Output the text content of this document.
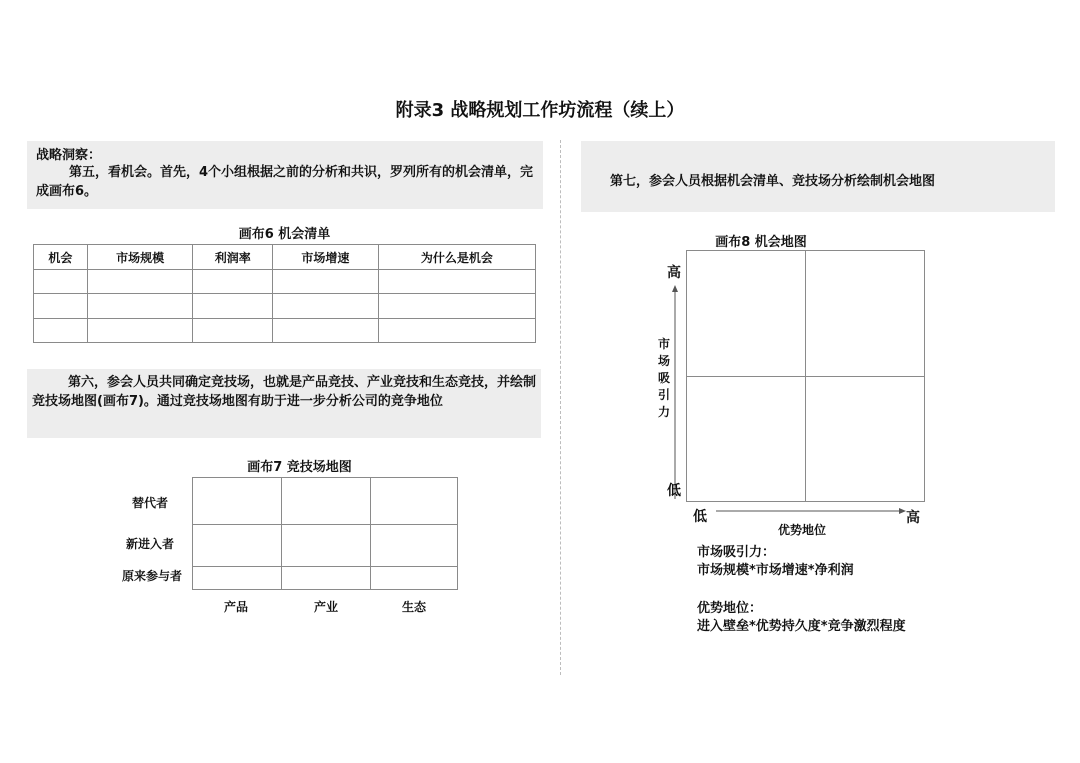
附录3 战略规划工作坊流程（续上）
战略洞察：
第五，看机会。首先，4个小组根据之前的分析和共识，罗列所有的机会清单，完成画布6。
画布6 机会清单
机会	市场规模	利润率	市场增速	为什么是机会

第六，参会人员共同确定竞技场，也就是产品竞技、产业竞技和生态竞技，并绘制竞技场地图(画布7)。通过竞技场地图有助于进一步分析公司的竞争地位
画布7 竞技场地图
替代者
新进入者
原来参与者
产品	产业	生态
第七，参会人员根据机会清单、竞技场分析绘制机会地图
画布8 机会地图
高
市场吸引力
低
低
优势地位
高
市场吸引力：
市场规模*市场增速*净利润
优势地位：
进入壁垒*优势持久度*竞争激烈程度
